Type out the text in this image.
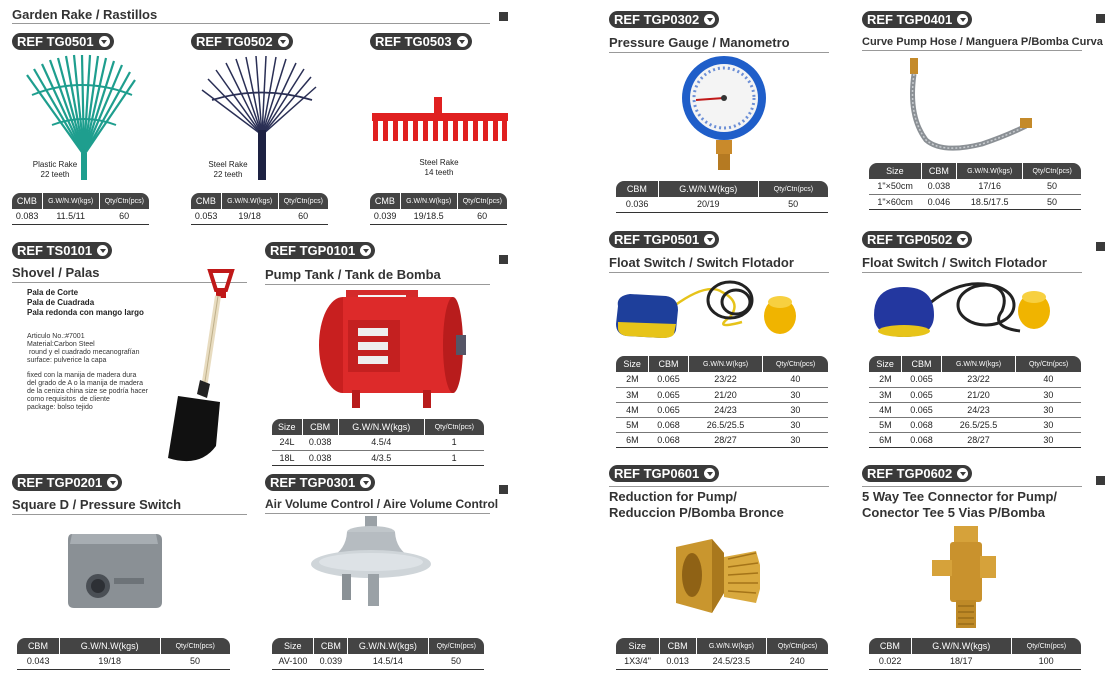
Garden Rake / Rastillos
REF TG0501
Plastic Rake
22 teeth
CMB	G.W/N.W(kgs)	Qty/Ctn(pcs)
0.083	11.5/11	60
REF TG0502
Steel Rake
22 teeth
CMB	G.W/N.W(kgs)	Qty/Ctn(pcs)
0.053	19/18	60
REF TG0503
Steel Rake
14 teeth
CMB	G.W/N.W(kgs)	Qty/Ctn(pcs)
0.039	19/18.5	60
REF TS0101
Shovel / Palas
Pala de Corte
Pala de Cuadrada
Pala redonda con mango largo
Articulo No.:#7001
Material:Carbon Steel
round y el cuadrado mecanografían
surface: pulverice la capa
fixed con la manija de madera dura
del grado de A o la manija de madera
de la ceniza china size se podría hacer
como requisitos  de cliente
package: bolso tejido
REF TGP0101
Pump Tank / Tank de Bomba
Size	CBM	G.W/N.W(kgs)	Qty/Ctn(pcs)
24L	0.038	4.5/4	1
18L	0.038	4/3.5	1
REF TGP0201
Square D / Pressure Switch
CBM	G.W/N.W(kgs)	Qty/Ctn(pcs)
0.043	19/18	50
REF TGP0301
Air Volume Control / Aire Volume Control
Size	CBM	G.W/N.W(kgs)	Qty/Ctn(pcs)
AV-100	0.039	14.5/14	50
REF TGP0302
Pressure Gauge / Manometro
CBM	G.W/N.W(kgs)	Qty/Ctn(pcs)
0.036	20/19	50
REF TGP0401
Curve Pump Hose / Manguera P/Bomba Curva
Size	CBM	G.W/N.W(kgs)	Qty/Ctn(pcs)
1"×50cm	0.038	17/16	50
1"×60cm	0.046	18.5/17.5	50
REF TGP0501
Float Switch / Switch Flotador
Size	CBM	G.W/N.W(kgs)	Qty/Ctn(pcs)
2M	0.065	23/22	40
3M	0.065	21/20	30
4M	0.065	24/23	30
5M	0.068	26.5/25.5	30
6M	0.068	28/27	30
REF TGP0502
Float Switch / Switch Flotador
Size	CBM	G.W/N.W(kgs)	Qty/Ctn(pcs)
2M	0.065	23/22	40
3M	0.065	21/20	30
4M	0.065	24/23	30
5M	0.068	26.5/25.5	30
6M	0.068	28/27	30
REF TGP0601
Reduction for Pump/
Reduccion P/Bomba Bronce
Size	CBM	G.W/N.W(kgs)	Qty/Ctn(pcs)
1X3/4"	0.013	24.5/23.5	240
REF TGP0602
5 Way Tee Connector for Pump/
Conector Tee 5 Vias P/Bomba
CBM	G.W/N.W(kgs)	Qty/Ctn(pcs)
0.022	18/17	100
